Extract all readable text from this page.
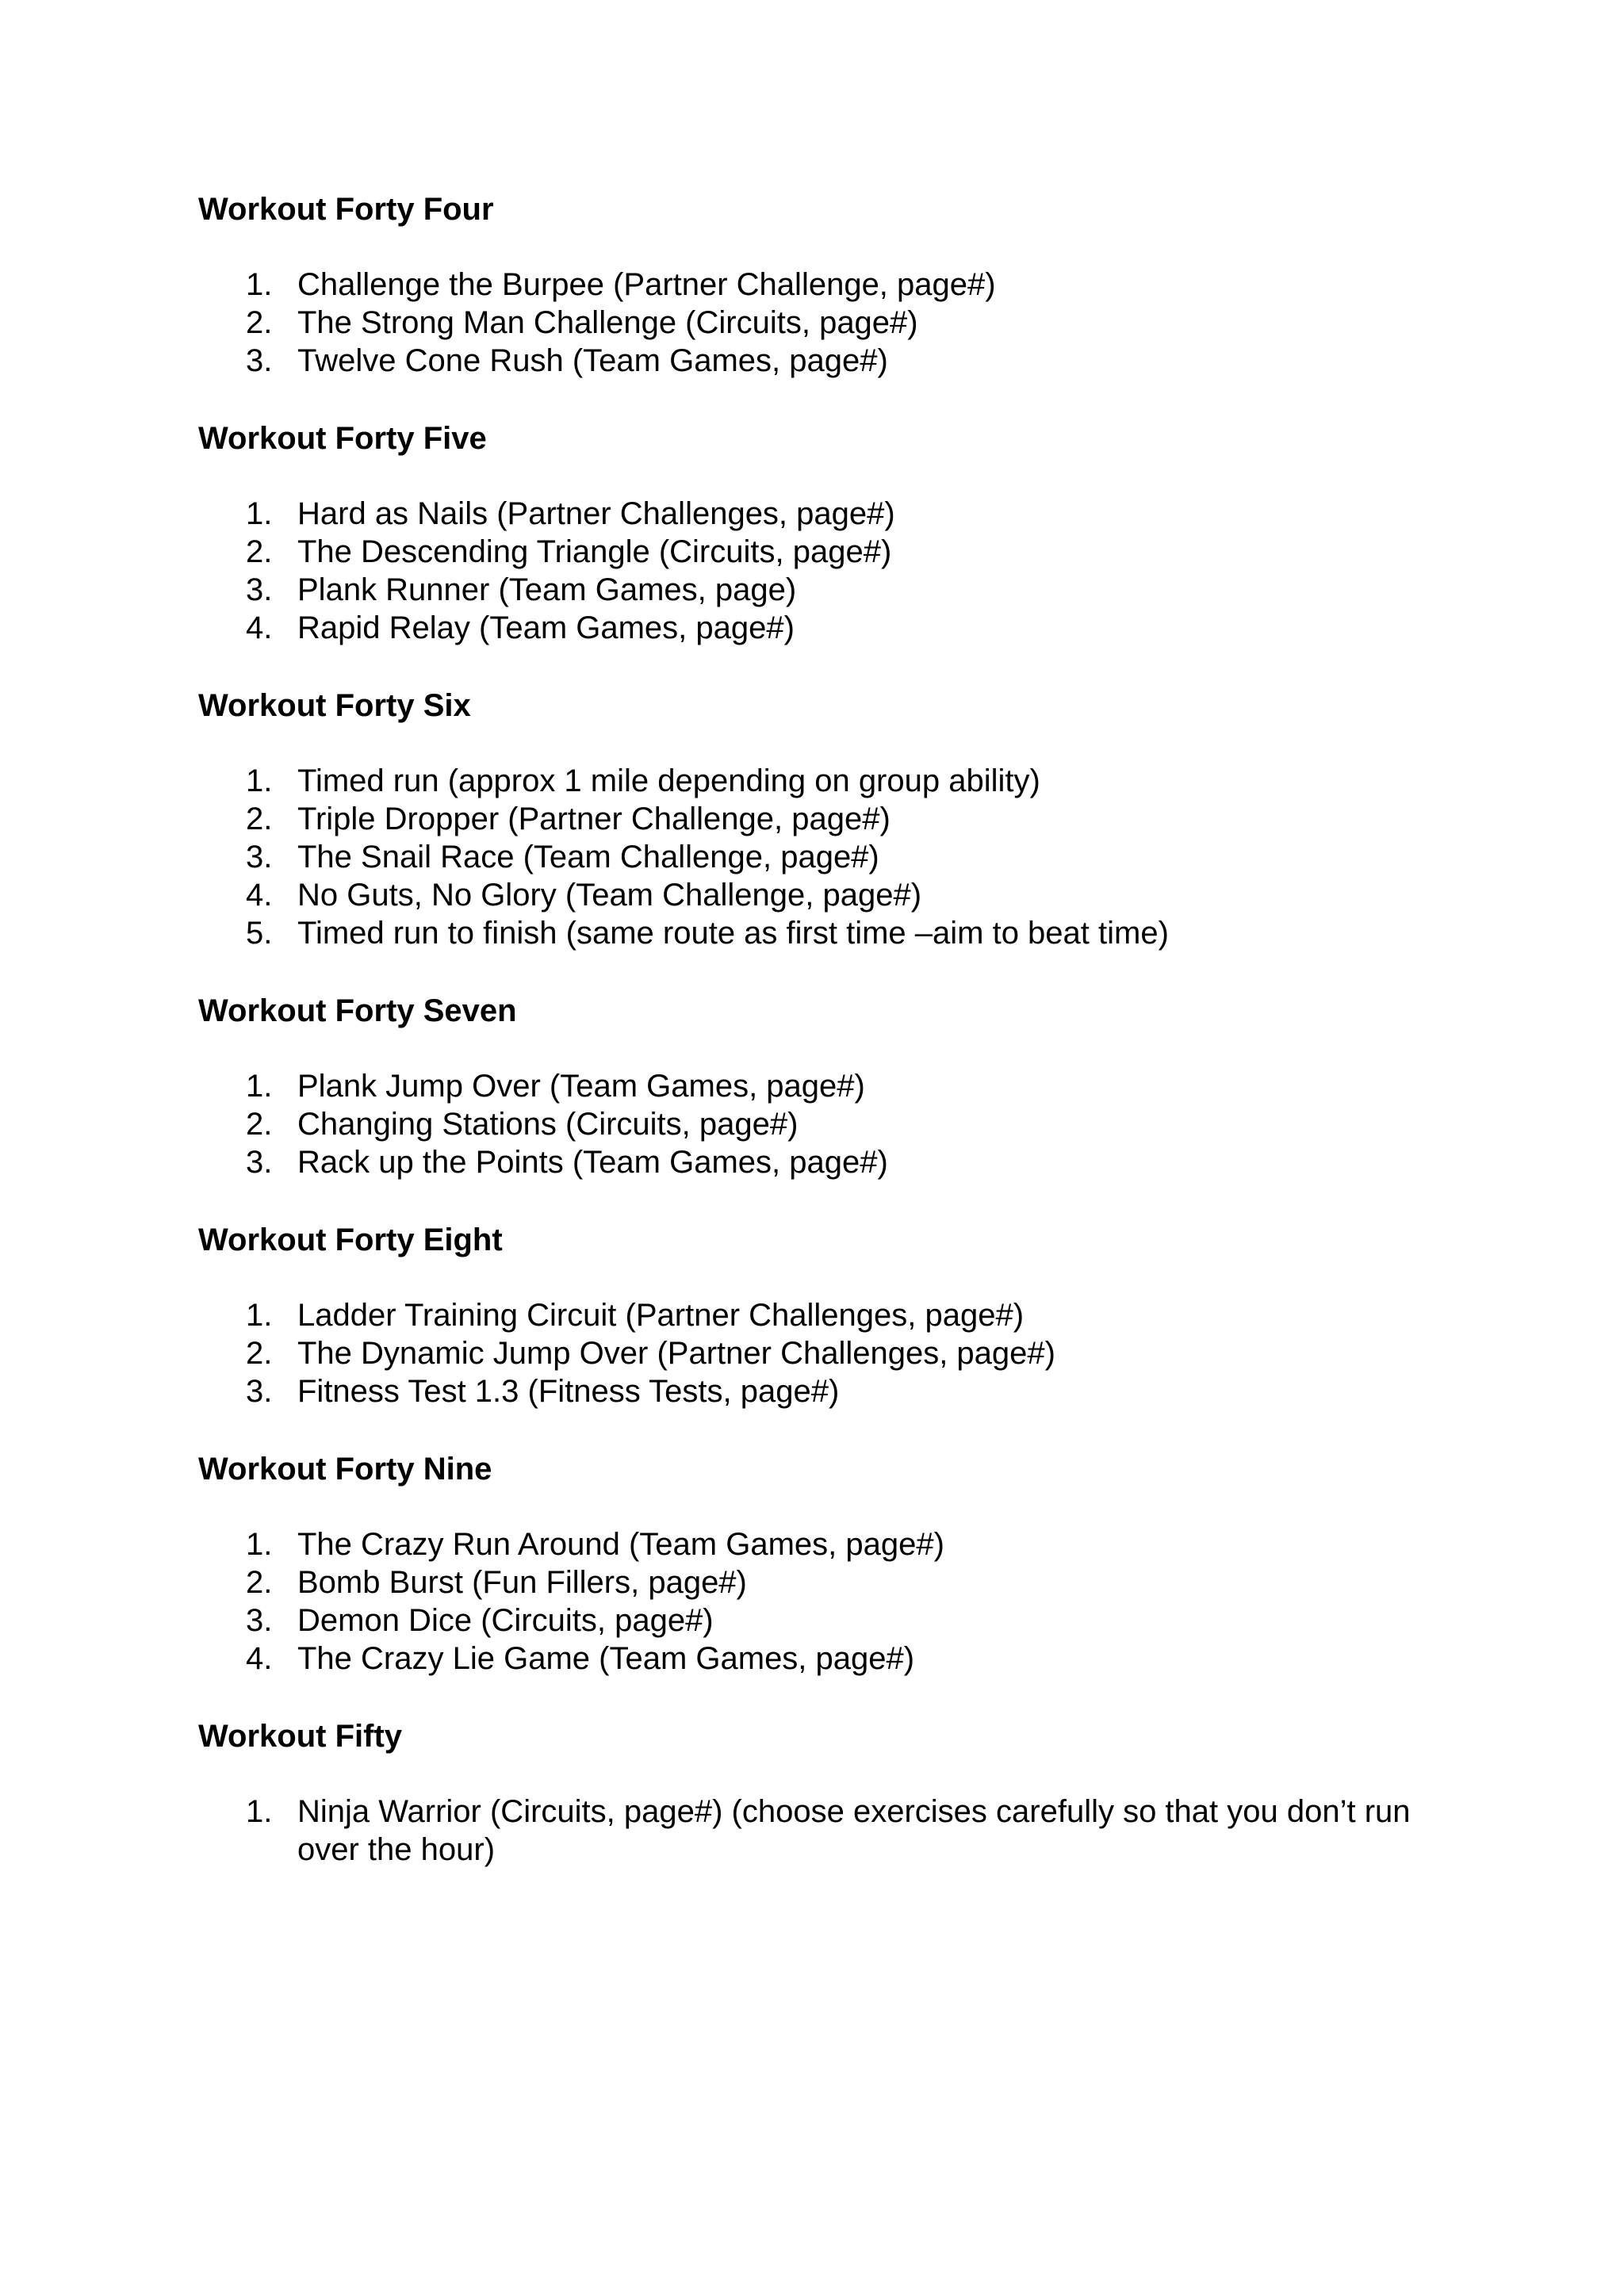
Workout Forty Four
1. Challenge the Burpee (Partner Challenge, page#)
2. The Strong Man Challenge (Circuits, page#)
3. Twelve Cone Rush (Team Games, page#)
Workout Forty Five
1. Hard as Nails (Partner Challenges, page#)
2. The Descending Triangle (Circuits, page#)
3. Plank Runner (Team Games, page)
4. Rapid Relay (Team Games, page#)
Workout Forty Six
1. Timed run (approx 1 mile depending on group ability)
2. Triple Dropper (Partner Challenge, page#)
3. The Snail Race (Team Challenge, page#)
4. No Guts, No Glory (Team Challenge, page#)
5. Timed run to finish (same route as first time –aim to beat time)
Workout Forty Seven
1. Plank Jump Over (Team Games, page#)
2. Changing Stations (Circuits, page#)
3. Rack up the Points (Team Games, page#)
Workout Forty Eight
1. Ladder Training Circuit (Partner Challenges, page#)
2. The Dynamic Jump Over (Partner Challenges, page#)
3. Fitness Test 1.3 (Fitness Tests, page#)
Workout Forty Nine
1. The Crazy Run Around (Team Games, page#)
2. Bomb Burst (Fun Fillers, page#)
3. Demon Dice (Circuits, page#)
4. The Crazy Lie Game (Team Games, page#)
Workout Fifty
1. Ninja Warrior (Circuits, page#) (choose exercises carefully so that you don’t run over the hour)
